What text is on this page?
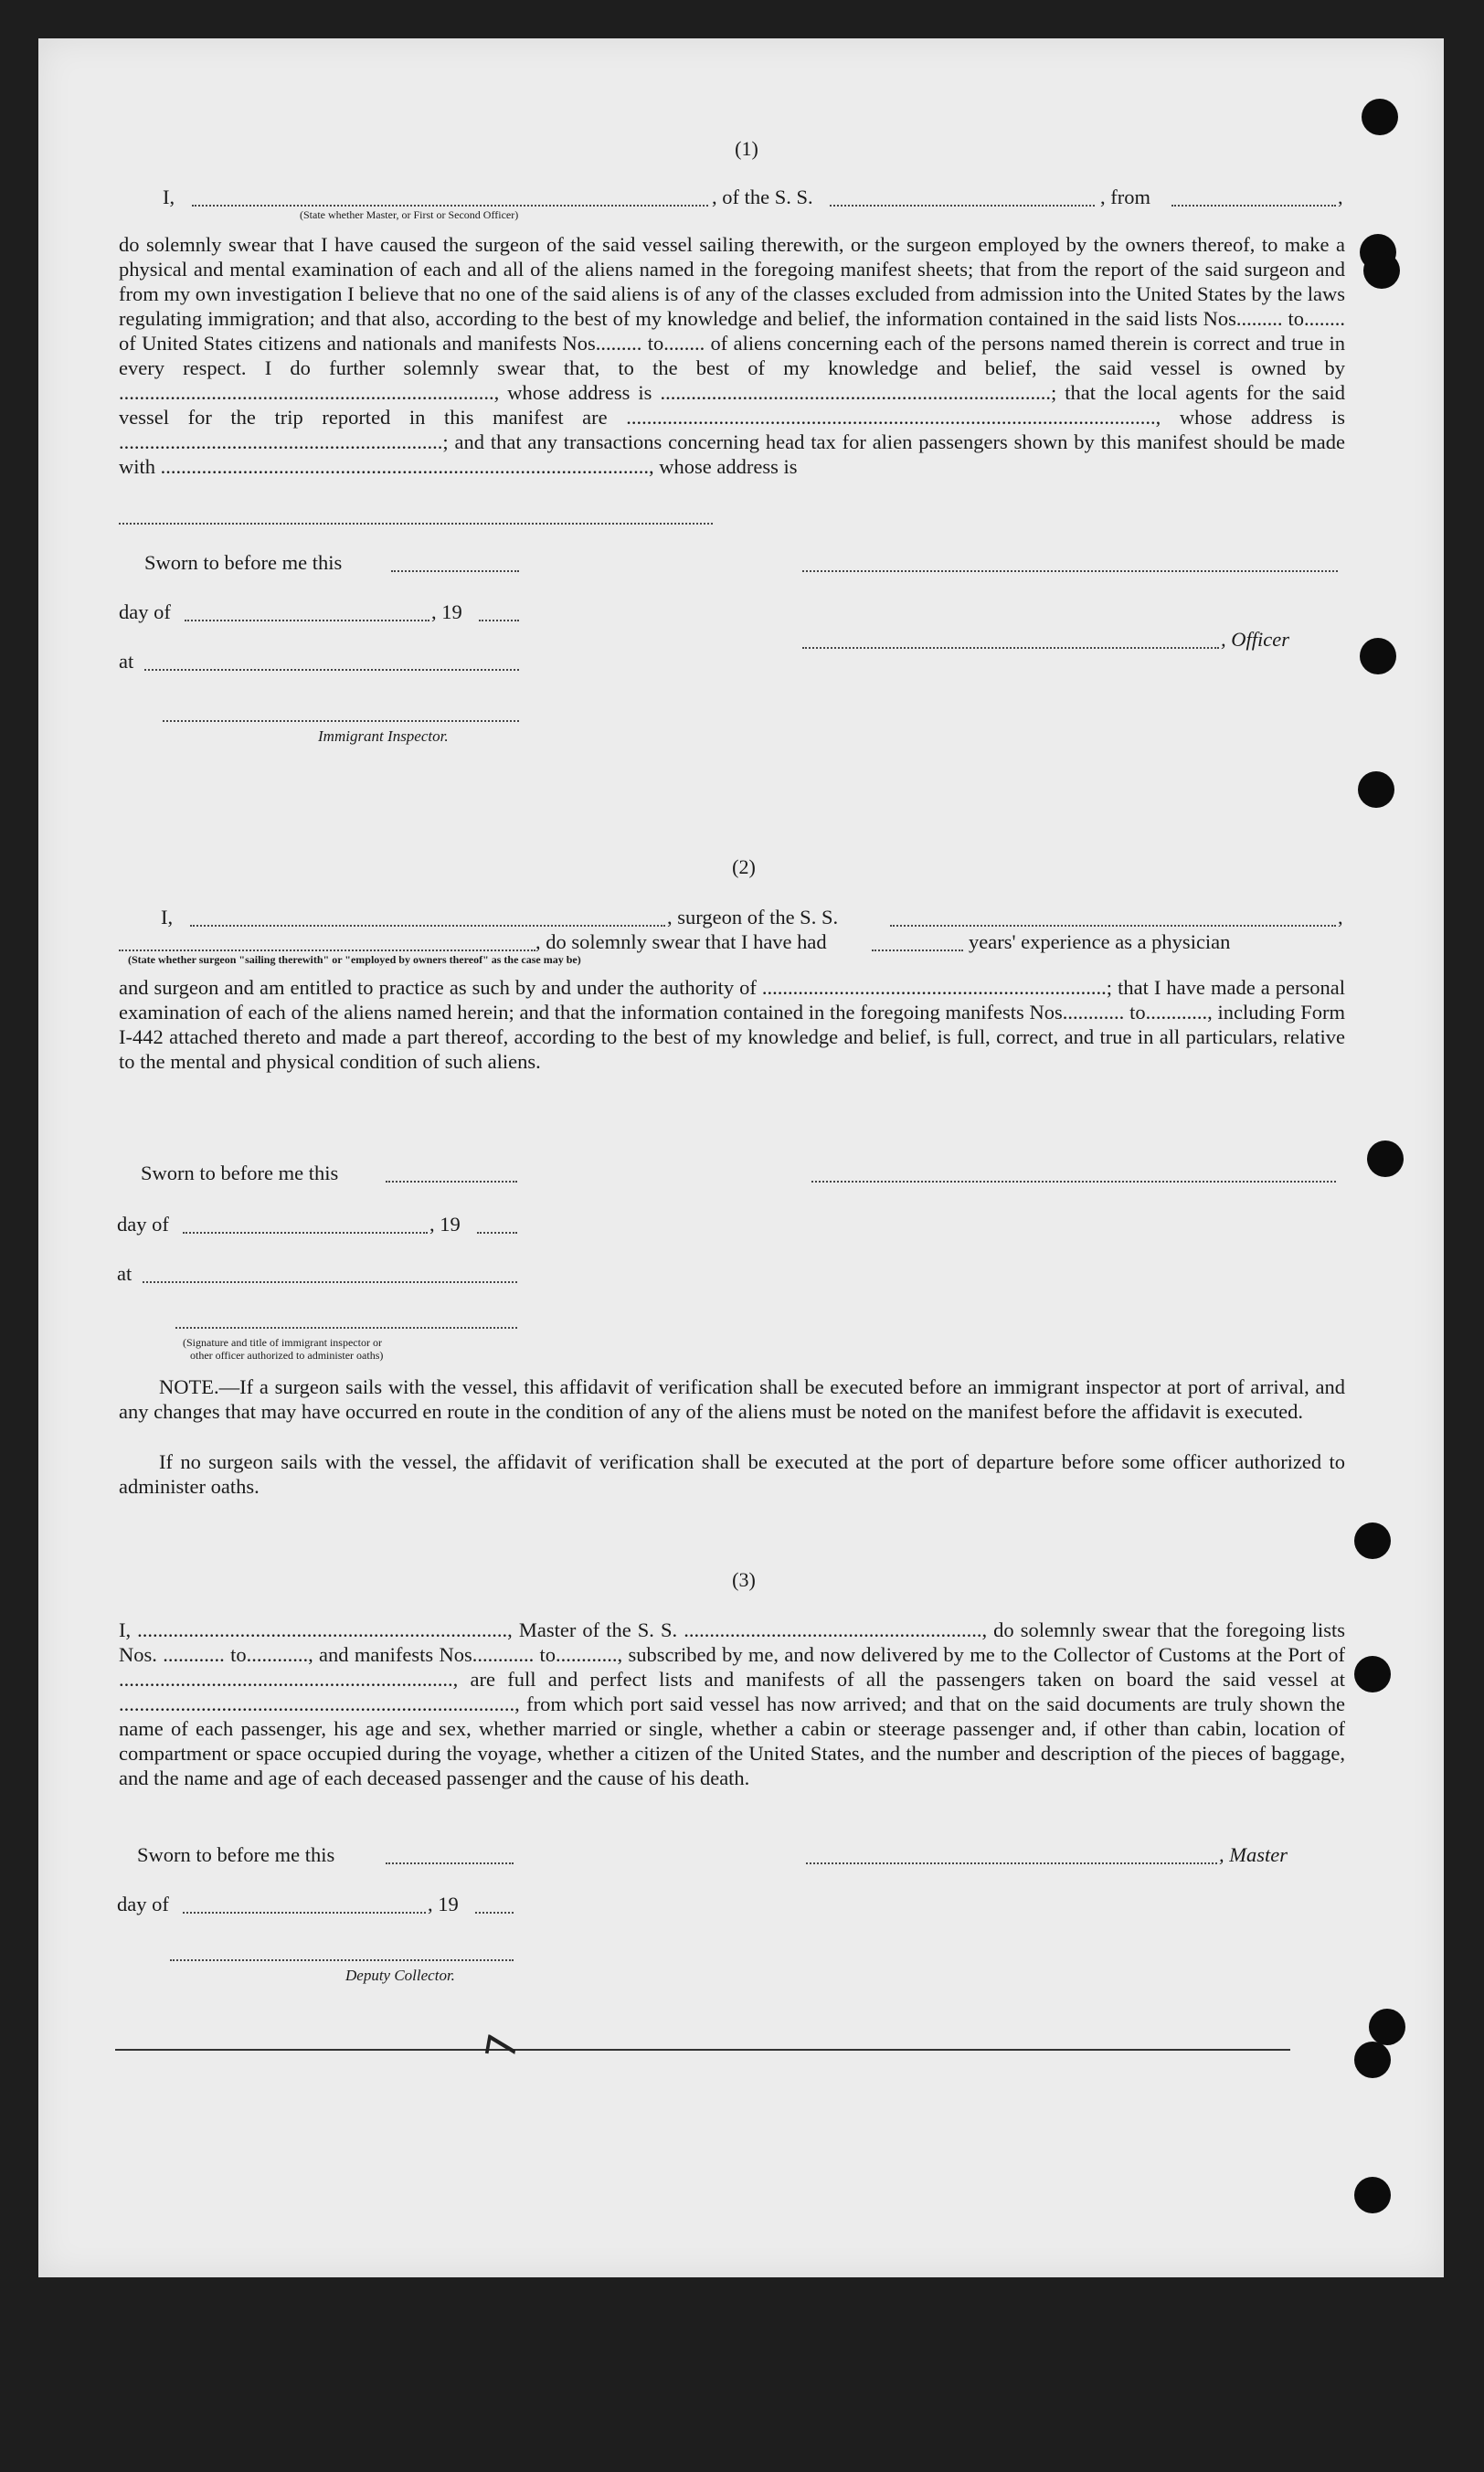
(1)
I,	, of the S. S.	, from	,
(State whether Master, or First or Second Officer)

do solemnly swear that I have caused the surgeon of the said vessel sailing therewith, or the surgeon employed by the owners thereof, to make a physical and mental examination of each and all of the aliens named in the foregoing manifest sheets; that from the report of the said surgeon and from my own investigation I believe that no one of the said aliens is of any of the classes excluded from admission into the United States by the laws regulating immigration; and that also, according to the best of my knowledge and belief, the information contained in the said lists Nos......... to........ of United States citizens and nationals and manifests Nos......... to........ of aliens concerning each of the persons named therein is correct and true in every respect. I do further solemnly swear that, to the best of my knowledge and belief, the said vessel is owned by ........................................................................., whose address is ............................................................................; that the local agents for the said vessel for the trip reported in this manifest are ......................................................................................................., whose address is ...............................................................; and that any transactions concerning head tax for alien passengers shown by this manifest should be made with ..............................................................................................., whose address is

Sworn to before me this
day of	, 19
, Officer
at
Immigrant Inspector.
(2)
I,	, surgeon of the S. S.	,
, do solemnly swear that I have had	years' experience as a physician
(State whether surgeon "sailing therewith" or "employed by owners thereof" as the case may be)

and surgeon and am entitled to practice as such by and under the authority of ...................................................................; that I have made a personal examination of each of the aliens named herein; and that the information contained in the foregoing manifests Nos............ to............, including Form I-442 attached thereto and made a part thereof, according to the best of my knowledge and belief, is full, correct, and true in all particulars, relative to the mental and physical condition of such aliens.

Sworn to before me this
day of	, 19
at
(Signature and title of immigrant inspector or
other officer authorized to administer oaths)

NOTE.—If a surgeon sails with the vessel, this affidavit of verification shall be executed before an immigrant inspector at port of arrival, and any changes that may have occurred en route in the condition of any of the aliens must be noted on the manifest before the affidavit is executed.

If no surgeon sails with the vessel, the affidavit of verification shall be executed at the port of departure before some officer authorized to administer oaths.

(3)

I, ........................................................................, Master of the S. S. .........................................................., do solemnly swear that the foregoing lists Nos. ............ to............, and manifests Nos............ to............, subscribed by me, and now delivered by me to the Collector of Customs at the Port of ................................................................., are full and perfect lists and manifests of all the passengers taken on board the said vessel at ............................................................................., from which port said vessel has now arrived; and that on the said documents are truly shown the name of each passenger, his age and sex, whether married or single, whether a cabin or steerage passenger and, if other than cabin, location of compartment or space occupied during the voyage, whether a citizen of the United States, and the number and description of the pieces of baggage, and the name and age of each deceased passenger and the cause of his death.

Sworn to before me this	, Master
day of	, 19
Deputy Collector.
7
